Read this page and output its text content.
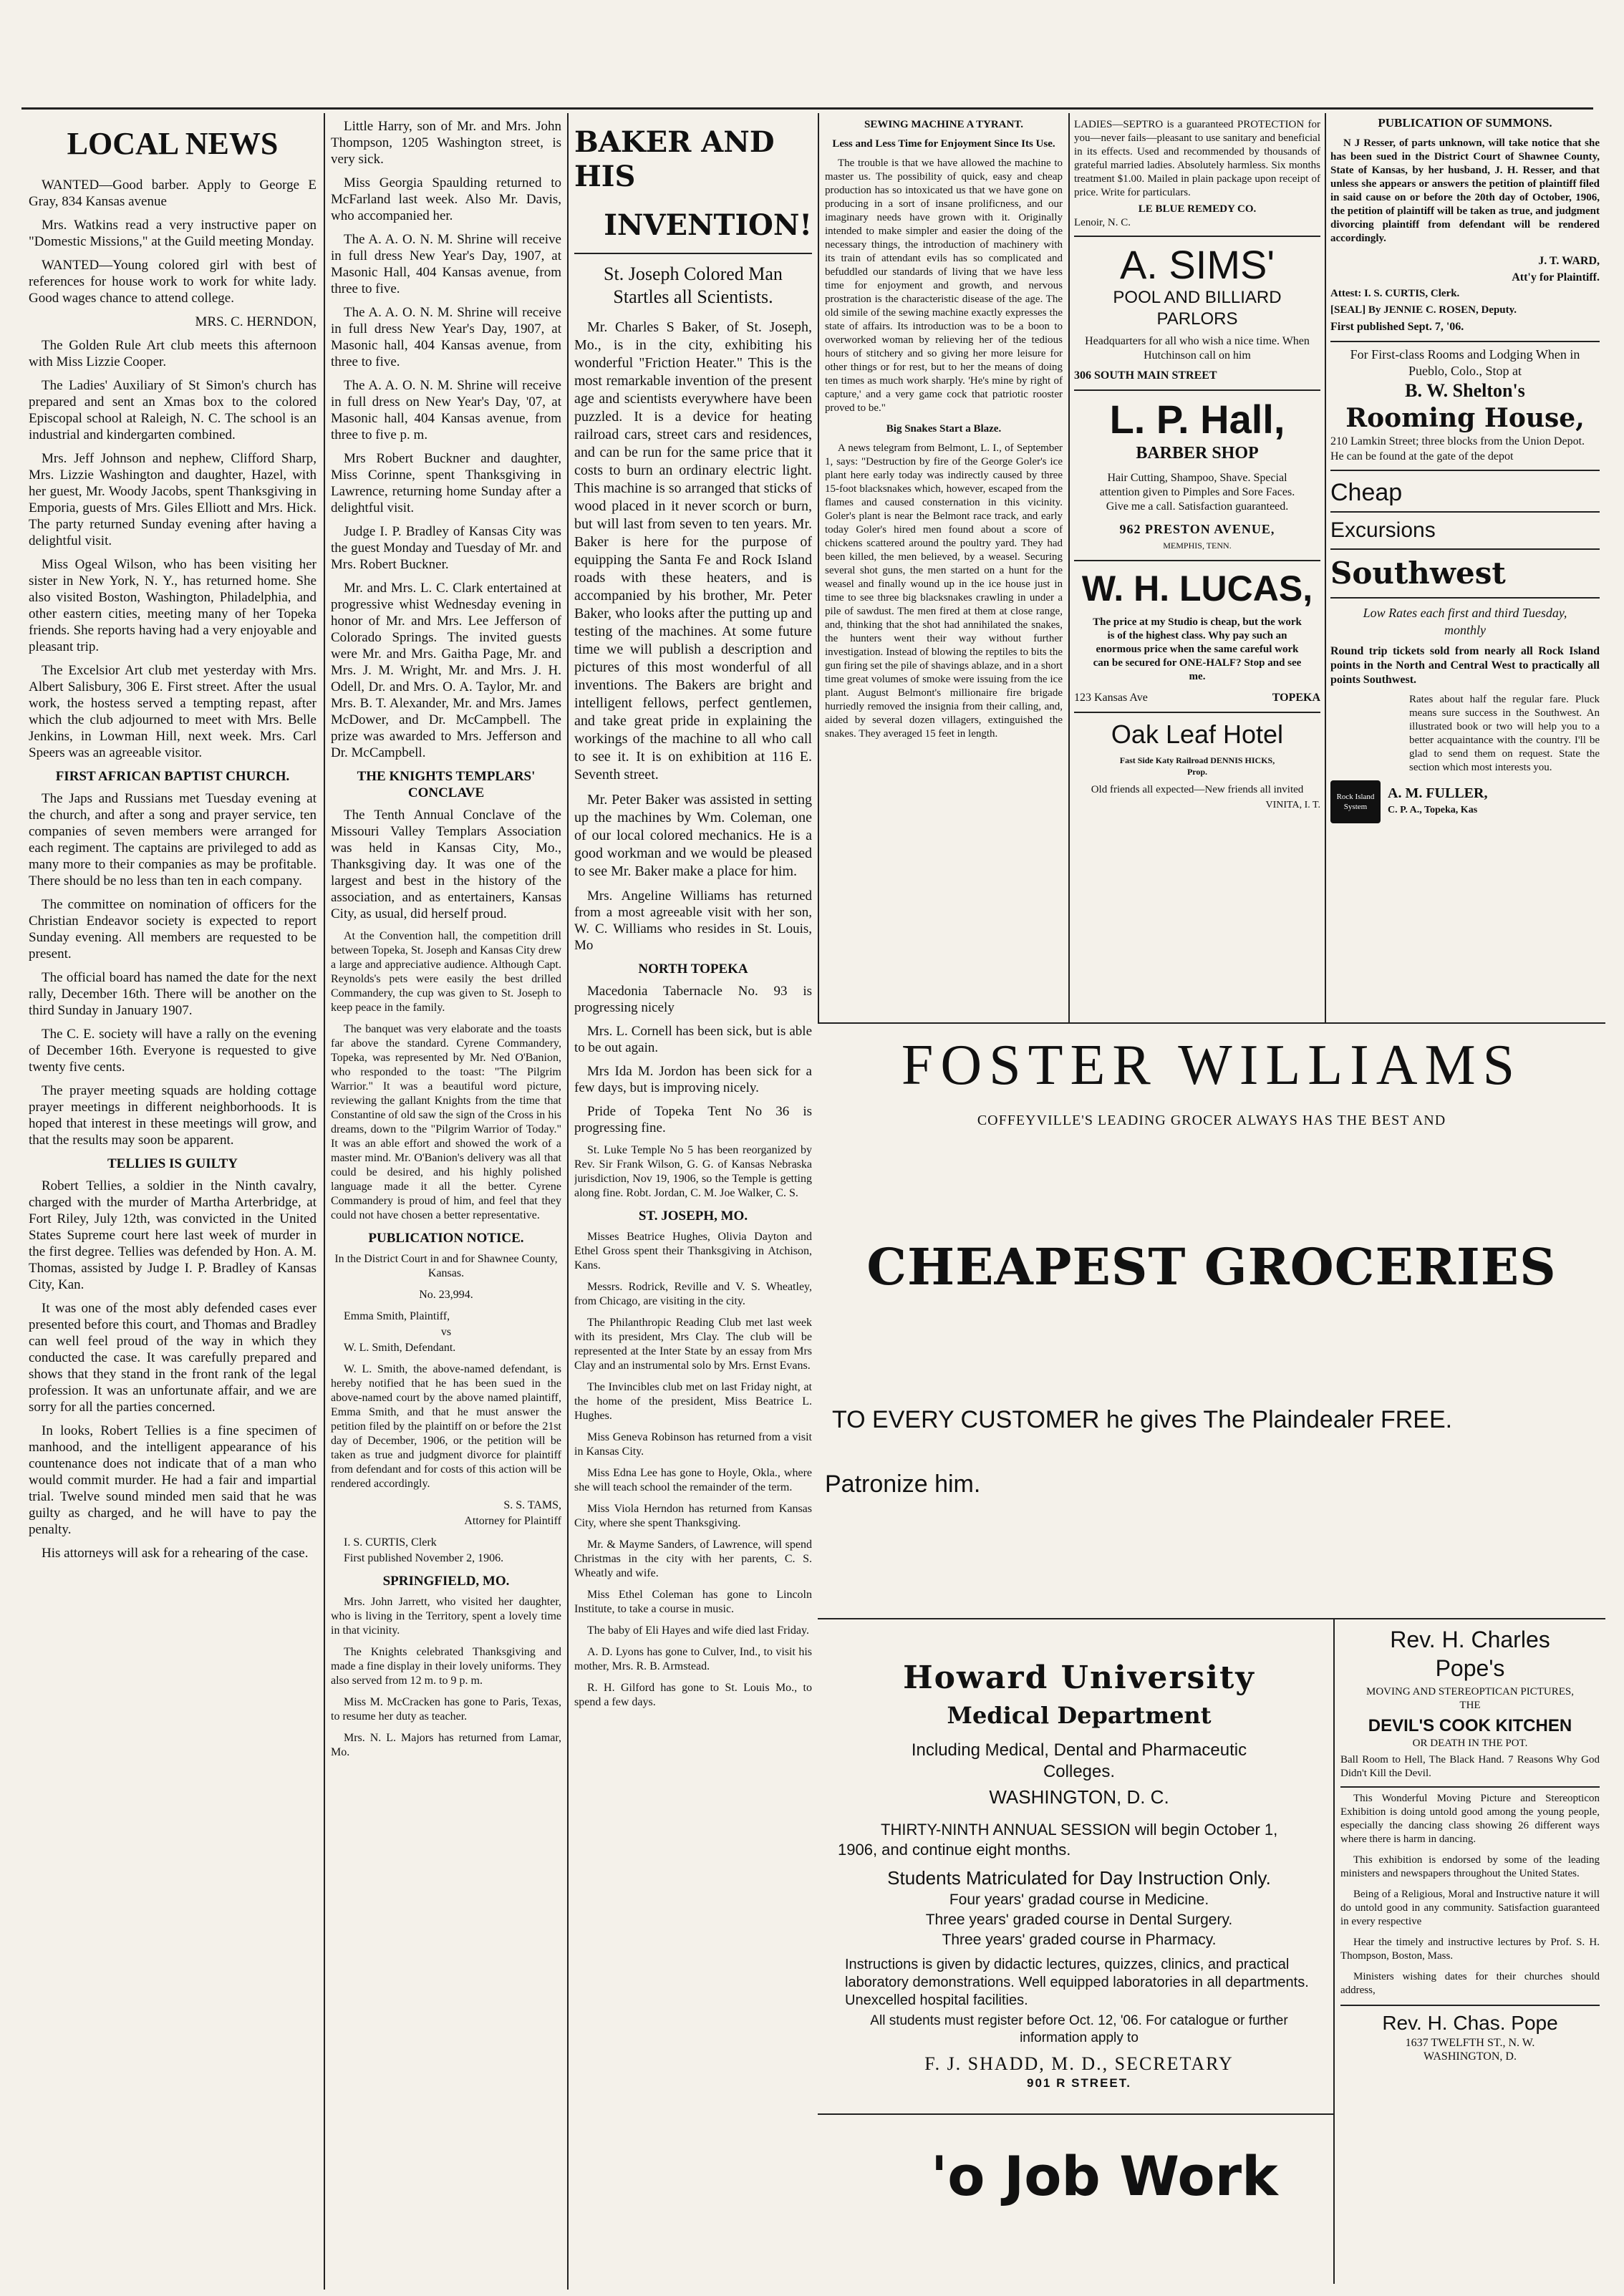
LOCAL NEWS

WANTED—Good barber. Apply to George E Gray, 834 Kansas avenue

Mrs. Watkins read a very instructive paper on "Domestic Missions," at the Guild meeting Monday.

WANTED—Young colored girl with best of references for house work to work for white lady. Good wages chance to attend college.

MRS. C. HERNDON,

The Golden Rule Art club meets this afternoon with Miss Lizzie Cooper.

The Ladies' Auxiliary of St Simon's church has prepared and sent an Xmas box to the colored Episcopal school at Raleigh, N. C. The school is an industrial and kindergarten combined.

Mrs. Jeff Johnson and nephew, Clifford Sharp, Mrs. Lizzie Washington and daughter, Hazel, with her guest, Mr. Woody Jacobs, spent Thanksgiving in Emporia, guests of Mrs. Giles Elliott and Mrs. Hick. The party returned Sunday evening after having a delightful visit.

Miss Ogeal Wilson, who has been visiting her sister in New York, N. Y., has returned home. She also visited Boston, Washington, Philadelphia, and other eastern cities, meeting many of her Topeka friends. She reports having had a very enjoyable and pleasant trip.

The Excelsior Art club met yesterday with Mrs. Albert Salisbury, 306 E. First street. After the usual work, the hostess served a tempting repast, after which the club adjourned to meet with Mrs. Belle Jenkins, in Lowman Hill, next week. Mrs. Carl Speers was an agreeable visitor.

FIRST AFRICAN BAPTIST CHURCH.

The Japs and Russians met Tuesday evening at the church, and after a song and prayer service, ten companies of seven members were arranged for each regiment. The captains are privileged to add as many more to their companies as may be profitable. There should be no less than ten in each company.

The committee on nomination of officers for the Christian Endeavor society is expected to report Sunday evening. All members are requested to be present.

The official board has named the date for the next rally, December 16th. There will be another on the third Sunday in January 1907.

The C. E. society will have a rally on the evening of December 16th. Everyone is requested to give twenty five cents.

The prayer meeting squads are holding cottage prayer meetings in different neighborhoods. It is hoped that interest in these meetings will grow, and that the results may soon be apparent.

TELLIES IS GUILTY

Robert Tellies, a soldier in the Ninth cavalry, charged with the murder of Martha Arterbridge, at Fort Riley, July 12th, was convicted in the United States Supreme court here last week of murder in the first degree. Tellies was defended by Hon. A. M. Thomas, assisted by Judge I. P. Bradley of Kansas City, Kan.

It was one of the most ably defended cases ever presented before this court, and Thomas and Bradley can well feel proud of the way in which they conducted the case. It was carefully prepared and shows that they stand in the front rank of the legal profession. It was an unfortunate affair, and we are sorry for all the parties concerned.

In looks, Robert Tellies is a fine specimen of manhood, and the intelligent appearance of his countenance does not indicate that of a man who would commit murder. He had a fair and impartial trial. Twelve sound minded men said that he was guilty as charged, and he will have to pay the penalty.

His attorneys will ask for a rehearing of the case.

Little Harry, son of Mr. and Mrs. John Thompson, 1205 Washington street, is very sick.

Miss Georgia Spaulding returned to McFarland last week. Also Mr. Davis, who accompanied her.

The A. A. O. N. M. Shrine will receive in full dress New Year's Day, 1907, at Masonic Hall, 404 Kansas avenue, from three to five.

The A. A. O. N. M. Shrine will receive in full dress New Year's Day, 1907, at Masonic hall, 404 Kansas avenue, from three to five.

The A. A. O. N. M. Shrine will receive in full dress on New Year's Day, '07, at Masonic hall, 404 Kansas avenue, from three to five p. m.

Mrs Robert Buckner and daughter, Miss Corinne, spent Thanksgiving in Lawrence, returning home Sunday after a delightful visit.

Judge I. P. Bradley of Kansas City was the guest Monday and Tuesday of Mr. and Mrs. Robert Buckner.

Mr. and Mrs. L. C. Clark entertained at progressive whist Wednesday evening in honor of Mr. and Mrs. Lee Jefferson of Colorado Springs. The invited guests were Mr. and Mrs. Gaitha Page, Mr. and Mrs. J. M. Wright, Mr. and Mrs. J. H. Odell, Dr. and Mrs. O. A. Taylor, Mr. and Mrs. B. T. Alexander, Mr. and Mrs. James McDower, and Dr. McCampbell. The prize was awarded to Mrs. Jefferson and Dr. McCampbell.

THE KNIGHTS TEMPLARS' CONCLAVE

The Tenth Annual Conclave of the Missouri Valley Templars Association was held in Kansas City, Mo., Thanksgiving day. It was one of the largest and best in the history of the association, and as entertainers, Kansas City, as usual, did herself proud.

At the Convention hall, the competition drill between Topeka, St. Joseph and Kansas City drew a large and appreciative audience. Although Capt. Reynolds's pets were easily the best drilled Commandery, the cup was given to St. Joseph to keep peace in the family.

The banquet was very elaborate and the toasts far above the standard. Cyrene Commandery, Topeka, was represented by Mr. Ned O'Banion, who responded to the toast: "The Pilgrim Warrior." It was a beautiful word picture, reviewing the gallant Knights from the time that Constantine of old saw the sign of the Cross in his dreams, down to the "Pilgrim Warrior of Today." It was an able effort and showed the work of a master mind. Mr. O'Banion's delivery was all that could be desired, and his highly polished language made it all the better. Cyrene Commandery is proud of him, and feel that they could not have chosen a better representative.

PUBLICATION NOTICE.

In the District Court in and for Shawnee County, Kansas.

No. 23,994.

Emma Smith, Plaintiff,

vs

W. L. Smith, Defendant.

W. L. Smith, the above-named defendant, is hereby notified that he has been sued in the above-named court by the above named plaintiff, Emma Smith, and that he must answer the petition filed by the plaintiff on or before the 21st day of December, 1906, or the petition will be taken as true and judgment divorce for plaintiff from defendant and for costs of this action will be rendered accordingly.

S. S. TAMS,

Attorney for Plaintiff

I. S. CURTIS, Clerk

First published November 2, 1906.

SPRINGFIELD, MO.

Mrs. John Jarrett, who visited her daughter, who is living in the Territory, spent a lovely time in that vicinity.

The Knights celebrated Thanksgiving and made a fine display in their lovely uniforms. They also served from 12 m. to 9 p. m.

Miss M. McCracken has gone to Paris, Texas, to resume her duty as teacher.

Mrs. N. L. Majors has returned from Lamar, Mo.

BAKER AND HIS
INVENTION!
St. Joseph Colored Man Startles all Scientists.

Mr. Charles S Baker, of St. Joseph, Mo., is in the city, exhibiting his wonderful "Friction Heater." This is the most remarkable invention of the present age and scientists everywhere have been puzzled. It is a device for heating railroad cars, street cars and residences, and can be run for the same price that it costs to burn an ordinary electric light. This machine is so arranged that sticks of wood placed in it never scorch or burn, but will last from seven to ten years. Mr. Baker is here for the purpose of equipping the Santa Fe and Rock Island roads with these heaters, and is accompanied by his brother, Mr. Peter Baker, who looks after the putting up and testing of the machines. At some future time we will publish a description and pictures of this most wonderful of all inventions. The Bakers are bright and intelligent fellows, perfect gentlemen, and take great pride in explaining the workings of the machine to all who call to see it. It is on exhibition at 116 E. Seventh street.

Mr. Peter Baker was assisted in setting up the machines by Wm. Coleman, one of our local colored mechanics. He is a good workman and we would be pleased to see Mr. Baker make a place for him.

Mrs. Angeline Williams has returned from a most agreeable visit with her son, W. C. Williams who resides in St. Louis, Mo

NORTH TOPEKA

Macedonia Tabernacle No. 93 is progressing nicely

Mrs. L. Cornell has been sick, but is able to be out again.

Mrs Ida M. Jordon has been sick for a few days, but is improving nicely.

Pride of Topeka Tent No 36 is progressing fine.

St. Luke Temple No 5 has been reorganized by Rev. Sir Frank Wilson, G. G. of Kansas Nebraska jurisdiction, Nov 19, 1906, so the Temple is getting along fine. Robt. Jordan, C. M. Joe Walker, C. S.

ST. JOSEPH, MO.

Misses Beatrice Hughes, Olivia Dayton and Ethel Gross spent their Thanksgiving in Atchison, Kans.

Messrs. Rodrick, Reville and V. S. Wheatley, from Chicago, are visiting in the city.

The Philanthropic Reading Club met last week with its president, Mrs Clay. The club will be represented at the Inter State by an essay from Mrs Clay and an instrumental solo by Mrs. Ernst Evans.

The Invincibles club met on last Friday night, at the home of the president, Miss Beatrice L. Hughes.

Miss Geneva Robinson has returned from a visit in Kansas City.

Miss Edna Lee has gone to Hoyle, Okla., where she will teach school the remainder of the term.

Miss Viola Herndon has returned from Kansas City, where she spent Thanksgiving.

Mr. & Mayme Sanders, of Lawrence, will spend Christmas in the city with her parents, C. S. Wheatly and wife.

Miss Ethel Coleman has gone to Lincoln Institute, to take a course in music.

The baby of Eli Hayes and wife died last Friday.

A. D. Lyons has gone to Culver, Ind., to visit his mother, Mrs. R. B. Armstead.

R. H. Gilford has gone to St. Louis Mo., to spend a few days.

SEWING MACHINE A TYRANT.
Less and Less Time for Enjoyment Since Its Use.

The trouble is that we have allowed the machine to master us. The possibility of quick, easy and cheap production has so intoxicated us that we have gone on producing in a sort of insane prolificness, and our imaginary needs have grown with it. Originally intended to make simpler and easier the doing of the necessary things, the introduction of machinery with its train of attendant evils has so complicated and befuddled our standards of living that we have less time for enjoyment and growth, and nervous prostration is the characteristic disease of the age. The old simile of the sewing machine exactly expresses the state of affairs. Its introduction was to be a boon to overworked woman by relieving her of the tedious hours of stitchery and so giving her more leisure for other things or for rest, but to her the means of doing ten times as much work sharply. 'He's mine by right of capture,' and a very game cock that patriotic rooster proved to be."

Big Snakes Start a Blaze.

A news telegram from Belmont, L. I., of September 1, says: "Destruction by fire of the George Goler's ice plant here early today was indirectly caused by three 15-foot blacksnakes which, however, escaped from the flames and caused consternation in this vicinity. Goler's plant is near the Belmont race track, and early today Goler's hired men found about a score of chickens scattered around the poultry yard. They had been killed, the men believed, by a weasel. Securing several shot guns, the men started on a hunt for the weasel and finally wound up in the ice house just in time to see three big blacksnakes crawling in under a pile of sawdust. The men fired at them at close range, and, thinking that the shot had annihilated the snakes, the hunters went their way without further investigation. Instead of blowing the reptiles to bits the gun firing set the pile of shavings ablaze, and in a short time great volumes of smoke were issuing from the ice plant. August Belmont's millionaire fire brigade hurriedly removed the insignia from their calling, and, aided by several dozen villagers, extinguished the snakes. They averaged 15 feet in length.

LADIES—SEPTRO is a guaranteed PROTECTION for you—never fails—pleasant to use sanitary and beneficial in its effects. Used and recommended by thousands of grateful married ladies. Absolutely harmless. Six months treatment $1.00. Mailed in plain package upon receipt of price. Write for particulars.

LE BLUE REMEDY CO.
Lenoir, N. C.
A. SIMS'
POOL AND BILLIARD PARLORS
Headquarters for all who wish a nice time. When Hutchinson call on him
306 SOUTH MAIN STREET
L. P. Hall,
BARBER SHOP
Hair Cutting, Shampoo, Shave. Special attention given to Pimples and Sore Faces. Give me a call. Satisfaction guaranteed.
962 PRESTON AVENUE,
MEMPHIS, TENN.
W. H. LUCAS,
The price at my Studio is cheap, but the work is of the highest class. Why pay such an enormous price when the same careful work can be secured for ONE-HALF? Stop and see me.
123 Kansas Ave	TOPEKA
Oak Leaf Hotel
Fast Side Katy Railroad DENNIS HICKS, Prop.
Old friends all expected—New friends all invited
VINITA, I. T.
PUBLICATION OF SUMMONS.

N J Resser, of parts unknown, will take notice that she has been sued in the District Court of Shawnee County, State of Kansas, by her husband, J. H. Resser, and that unless she appears or answers the petition of plaintiff filed in said cause on or before the 20th day of October, 1906, the petition of plaintiff will be taken as true, and judgment divorcing plaintiff from defendant will be rendered accordingly.

J. T. WARD,
Att'y for Plaintiff.
Attest: I. S. CURTIS, Clerk.
[SEAL] By JENNIE C. ROSEN, Deputy.
First published Sept. 7, '06.
For First-class Rooms and Lodging When in Pueblo, Colo., Stop at
B. W. Shelton's
Rooming House,
210 Lamkin Street; three blocks from the Union Depot. He can be found at the gate of the depot
Cheap
Excursions
Southwest
Low Rates each first and third Tuesday, monthly
Round trip tickets sold from nearly all Rock Island points in the North and Central West to practically all points Southwest.
Rates about half the regular fare. Pluck means sure success in the Southwest. An illustrated book or two will help you to a better acquaintance with the country. I'll be glad to send them on request. State the section which most interests you.
Rock Island System
A. M. FULLER,
C. P. A., Topeka, Kas
FOSTER WILLIAMS
COFFEYVILLE'S LEADING GROCER ALWAYS HAS THE BEST AND
CHEAPEST GROCERIES
TO EVERY CUSTOMER he gives The Plaindealer FREE.
Patronize him.
Howard University
Medical Department
Including Medical, Dental and Pharmaceutic Colleges.
WASHINGTON, D. C.
THIRTY-NINTH ANNUAL SESSION will begin October 1, 1906, and continue eight months.
Students Matriculated for Day Instruction Only.
Four years' gradad course in Medicine.
Three years' graded course in Dental Surgery.
Three years' graded course in Pharmacy.
Instructions is given by didactic lectures, quizzes, clinics, and practical laboratory demonstrations. Well equipped laboratories in all departments. Unexcelled hospital facilities.
All students must register before Oct. 12, '06. For catalogue or further information apply to
F. J. SHADD, M. D., SECRETARY
901 R STREET.
'o Job Work
Rev. H. Charles
Pope's
MOVING AND STEREOPTICAN PICTURES, THE
DEVIL'S COOK KITCHEN
OR DEATH IN THE POT.
Ball Room to Hell, The Black Hand. 7 Reasons Why God Didn't Kill the Devil.

This Wonderful Moving Picture and Stereopticon Exhibition is doing untold good among the young people, especially the dancing class showing 26 different ways where there is harm in dancing.

This exhibition is endorsed by some of the leading ministers and newspapers throughout the United States.

Being of a Religious, Moral and Instructive nature it will do untold good in any community. Satisfaction guaranteed in every respective

Hear the timely and instructive lectures by Prof. S. H. Thompson, Boston, Mass.

Ministers wishing dates for their churches should address,

Rev. H. Chas. Pope
1637 TWELFTH ST., N. W.
WASHINGTON, D.
